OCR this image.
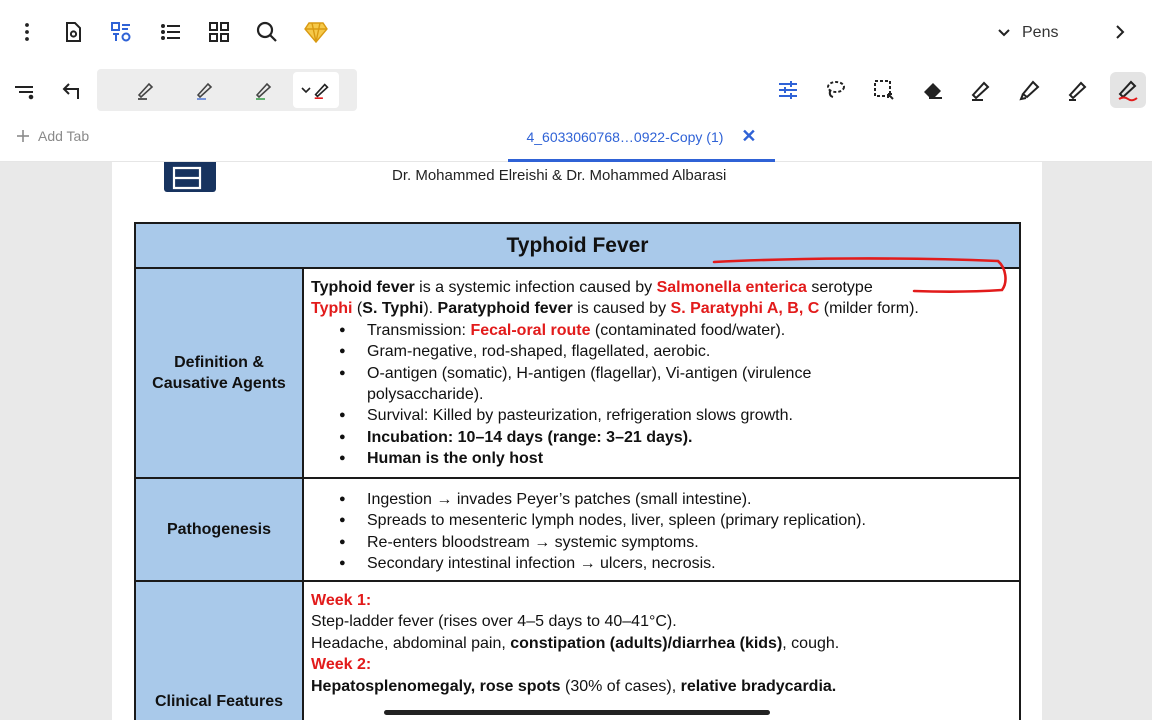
Pens
Add Tab	4_6033060768…0922-Copy (1) ✕
Dr. Mohammed Elreishi & Dr. Mohammed Albarasi
Typhoid Fever
Definition & Causative Agents
Typhoid fever is a systemic infection caused by Salmonella enterica serotype
Typhi (S. Typhi). Paratyphoid fever is caused by S. Paratyphi A, B, C (milder form).
● Transmission: Fecal-oral route (contaminated food/water).
● Gram-negative, rod-shaped, flagellated, aerobic.
● O-antigen (somatic), H-antigen (flagellar), Vi-antigen (virulence polysaccharide).
● Survival: Killed by pasteurization, refrigeration slows growth.
● Incubation: 10–14 days (range: 3–21 days).
● Human is the only host
Pathogenesis
● Ingestion → invades Peyer’s patches (small intestine).
● Spreads to mesenteric lymph nodes, liver, spleen (primary replication).
● Re-enters bloodstream → systemic symptoms.
● Secondary intestinal infection → ulcers, necrosis.
Clinical Features
Week 1:
Step-ladder fever (rises over 4–5 days to 40–41°C).
Headache, abdominal pain, constipation (adults)/diarrhea (kids), cough.
Week 2:
Hepatosplenomegaly, rose spots (30% of cases), relative bradycardia.
